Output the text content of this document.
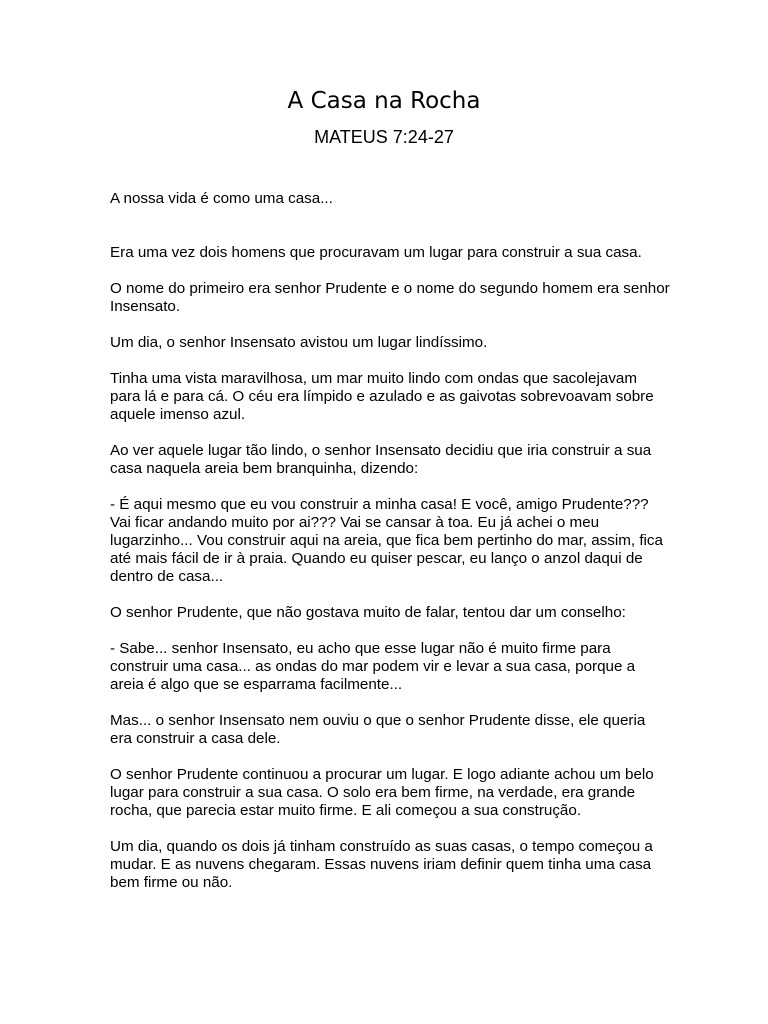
A Casa na Rocha
MATEUS 7:24-27

A nossa vida é como uma casa...

Era uma vez dois homens que procuravam um lugar para construir a sua casa.

O nome do primeiro era senhor Prudente e o nome do segundo homem era senhor Insensato.

Um dia, o senhor Insensato avistou um lugar lindíssimo.

Tinha uma vista maravilhosa, um mar muito lindo com ondas que sacolejavam para lá e para cá. O céu era límpido e azulado e as gaivotas sobrevoavam sobre aquele imenso azul.

Ao ver aquele lugar tão lindo, o senhor Insensato decidiu que iria construir a sua casa naquela areia bem branquinha, dizendo:

- É aqui mesmo que eu vou construir a minha casa! E você, amigo Prudente??? Vai ficar andando muito por ai??? Vai se cansar à toa. Eu já achei o meu lugarzinho... Vou construir aqui na areia, que fica bem pertinho do mar, assim, fica até mais fácil de ir à praia. Quando eu quiser pescar, eu lanço o anzol daqui de dentro de casa...

O senhor Prudente, que não gostava muito de falar, tentou dar um conselho:

- Sabe... senhor Insensato, eu acho que esse lugar não é muito firme para construir uma casa... as ondas do mar podem vir e levar a sua casa, porque a areia é algo que se esparrama facilmente...

Mas... o senhor Insensato nem ouviu o que o senhor Prudente disse, ele queria era construir a casa dele.

O senhor Prudente continuou a procurar um lugar. E logo adiante achou um belo lugar para construir a sua casa. O solo era bem firme, na verdade, era grande rocha, que parecia estar muito firme. E ali começou a sua construção.

Um dia, quando os dois já tinham construído as suas casas, o tempo começou a mudar. E as nuvens chegaram. Essas nuvens iriam definir quem tinha uma casa bem firme ou não.
